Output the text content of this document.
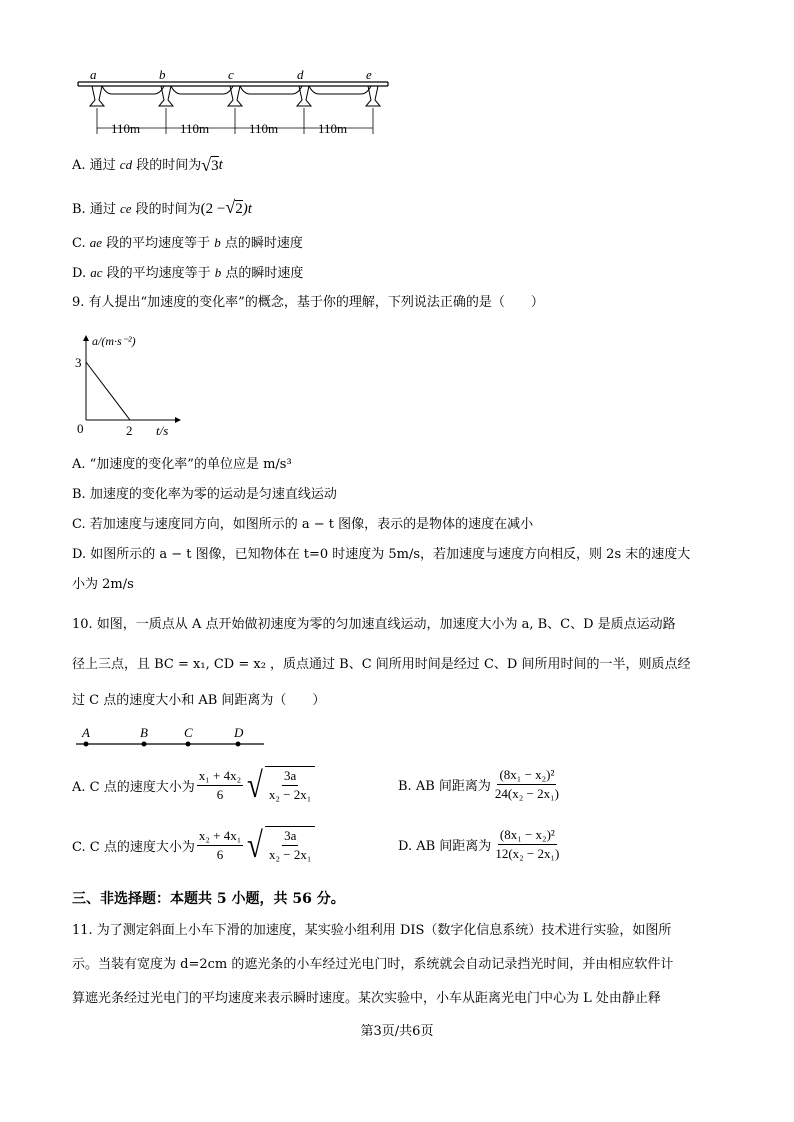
a	b	c	d	e
110m	110m	110m	110m
A. 通过 cd 段的时间为 √ 3 t
B. 通过 ce 段的时间为(2 −√2)t
C. ae 段的平均速度等于 b 点的瞬时速度
D. ac 段的平均速度等于 b 点的瞬时速度
9. 有人提出“加速度的变化率”的概念，基于你的理解，下列说法正确的是（　　）
a/(m·s⁻²)
3
0	2 t/s
A. “加速度的变化率”的单位应是 m/s³
B. 加速度的变化率为零的运动是匀速直线运动
C. 若加速度与速度同方向，如图所示的 a − t 图像，表示的是物体的速度在减小
D. 如图所示的 a − t 图像，已知物体在 t=0 时速度为 5m/s，若加速度与速度方向相反，则 2s 末的速度大
小为 2m/s
10. 如图，一质点从 A 点开始做初速度为零的匀加速直线运动，加速度大小为 a, B、C、D 是质点运动路
径上三点，且 BC = x₁, CD = x₂ ，质点通过 B、C 间所用时间是经过 C、D 间所用时间的一半，则质点经
过 C 点的速度大小和 AB 间距离为（　　）
A	B	C	D
A. C 点的速度大小为 $\frac{\text{x₁ + 4x₂}}{6}$ √ $\frac{3a}{\text{x₂ − 2x₁}}$	B. AB 间距离为 $\frac{\text{(8x₁ − x₂)²}}{\text{24(x₂ − 2x₁)}}$
C. C 点的速度大小为 $\frac{\text{x₂ + 4x₁}}{6}$ √ $\frac{3a}{\text{x₂ − 2x₁}}$	D. AB 间距离为 $\frac{\text{(8x₁ − x₂)²}}{\text{12(x₂ − 2x₁)}}$
三、非选择题：本题共 5 小题，共 56 分。
11. 为了测定斜面上小车下滑的加速度，某实验小组利用 DIS（数字化信息系统）技术进行实验，如图所
示。当装有宽度为 d=2cm 的遮光条的小车经过光电门时，系统就会自动记录挡光时间，并由相应软件计
算遮光条经过光电门的平均速度来表示瞬时速度。某次实验中，小车从距离光电门中心为 L 处由静止释
第3页/共6页
